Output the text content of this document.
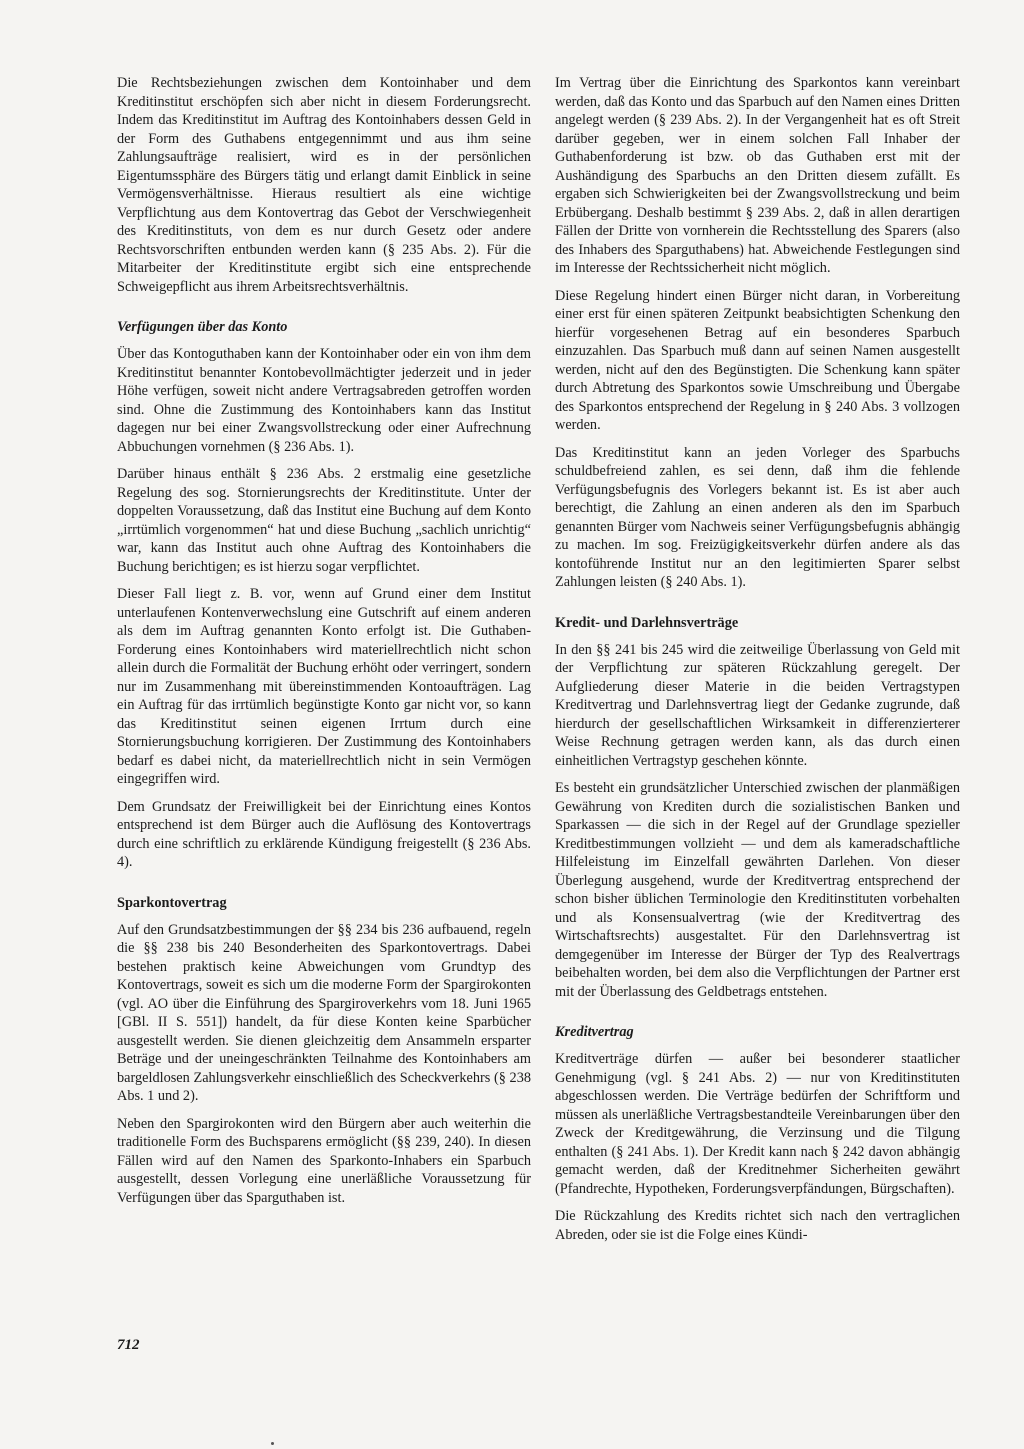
Die Rechtsbeziehungen zwischen dem Kontoinhaber und dem Kreditinstitut erschöpfen sich aber nicht in diesem Forderungsrecht. Indem das Kreditinstitut im Auftrag des Kontoinhabers dessen Geld in der Form des Guthabens entgegennimmt und aus ihm seine Zahlungsaufträge realisiert, wird es in der persönlichen Eigentumssphäre des Bürgers tätig und erlangt damit Einblick in seine Vermögensverhältnisse. Hieraus resultiert als eine wichtige Verpflichtung aus dem Kontovertrag das Gebot der Verschwiegenheit des Kreditinstituts, von dem es nur durch Gesetz oder andere Rechtsvorschriften entbunden werden kann (§ 235 Abs. 2). Für die Mitarbeiter der Kreditinstitute ergibt sich eine entsprechende Schweigepflicht aus ihrem Arbeitsrechtsverhältnis.

Verfügungen über das Konto

Über das Kontoguthaben kann der Kontoinhaber oder ein von ihm dem Kreditinstitut benannter Kontobevollmächtigter jederzeit und in jeder Höhe verfügen, soweit nicht andere Vertragsabreden getroffen worden sind. Ohne die Zustimmung des Kontoinhabers kann das Institut dagegen nur bei einer Zwangsvollstreckung oder einer Aufrechnung Abbuchungen vornehmen (§ 236 Abs. 1).

Darüber hinaus enthält § 236 Abs. 2 erstmalig eine gesetzliche Regelung des sog. Stornierungsrechts der Kreditinstitute. Unter der doppelten Voraussetzung, daß das Institut eine Buchung auf dem Konto „irrtümlich vorgenommen“ hat und diese Buchung „sachlich unrichtig“ war, kann das Institut auch ohne Auftrag des Kontoinhabers die Buchung berichtigen; es ist hierzu sogar verpflichtet.

Dieser Fall liegt z. B. vor, wenn auf Grund einer dem Institut unterlaufenen Kontenverwechslung eine Gutschrift auf einem anderen als dem im Auftrag genannten Konto erfolgt ist. Die Guthaben-Forderung eines Kontoinhabers wird materiellrechtlich nicht schon allein durch die Formalität der Buchung erhöht oder verringert, sondern nur im Zusammenhang mit übereinstimmenden Kontoaufträgen. Lag ein Auftrag für das irrtümlich begünstigte Konto gar nicht vor, so kann das Kreditinstitut seinen eigenen Irrtum durch eine Stornierungsbuchung korrigieren. Der Zustimmung des Kontoinhabers bedarf es dabei nicht, da materiellrechtlich nicht in sein Vermögen eingegriffen wird.

Dem Grundsatz der Freiwilligkeit bei der Einrichtung eines Kontos entsprechend ist dem Bürger auch die Auflösung des Kontovertrags durch eine schriftlich zu erklärende Kündigung freigestellt (§ 236 Abs. 4).

Sparkontovertrag

Auf den Grundsatzbestimmungen der §§ 234 bis 236 aufbauend, regeln die §§ 238 bis 240 Besonderheiten des Sparkontovertrags. Dabei bestehen praktisch keine Abweichungen vom Grundtyp des Kontovertrags, soweit es sich um die moderne Form der Spargirokonten (vgl. AO über die Einführung des Spargiroverkehrs vom 18. Juni 1965 [GBl. II S. 551]) handelt, da für diese Konten keine Sparbücher ausgestellt werden. Sie dienen gleichzeitig dem Ansammeln ersparter Beträge und der uneingeschränkten Teilnahme des Kontoinhabers am bargeldlosen Zahlungsverkehr einschließlich des Scheckverkehrs (§ 238 Abs. 1 und 2).

Neben den Spargirokonten wird den Bürgern aber auch weiterhin die traditionelle Form des Buchsparens ermöglicht (§§ 239, 240). In diesen Fällen wird auf den Namen des Sparkonto-Inhabers ein Sparbuch ausgestellt, dessen Vorlegung eine unerläßliche Voraussetzung für Verfügungen über das Sparguthaben ist.

Im Vertrag über die Einrichtung des Sparkontos kann vereinbart werden, daß das Konto und das Sparbuch auf den Namen eines Dritten angelegt werden (§ 239 Abs. 2). In der Vergangenheit hat es oft Streit darüber gegeben, wer in einem solchen Fall Inhaber der Guthabenforderung ist bzw. ob das Guthaben erst mit der Aushändigung des Sparbuchs an den Dritten diesem zufällt. Es ergaben sich Schwierigkeiten bei der Zwangsvollstreckung und beim Erbübergang. Deshalb bestimmt § 239 Abs. 2, daß in allen derartigen Fällen der Dritte von vornherein die Rechtsstellung des Sparers (also des Inhabers des Sparguthabens) hat. Abweichende Festlegungen sind im Interesse der Rechtssicherheit nicht möglich.

Diese Regelung hindert einen Bürger nicht daran, in Vorbereitung einer erst für einen späteren Zeitpunkt beabsichtigten Schenkung den hierfür vorgesehenen Betrag auf ein besonderes Sparbuch einzuzahlen. Das Sparbuch muß dann auf seinen Namen ausgestellt werden, nicht auf den des Begünstigten. Die Schenkung kann später durch Abtretung des Sparkontos sowie Umschreibung und Übergabe des Sparkontos entsprechend der Regelung in § 240 Abs. 3 vollzogen werden.

Das Kreditinstitut kann an jeden Vorleger des Sparbuchs schuldbefreiend zahlen, es sei denn, daß ihm die fehlende Verfügungsbefugnis des Vorlegers bekannt ist. Es ist aber auch berechtigt, die Zahlung an einen anderen als den im Sparbuch genannten Bürger vom Nachweis seiner Verfügungsbefugnis abhängig zu machen. Im sog. Freizügigkeitsverkehr dürfen andere als das kontoführende Institut nur an den legitimierten Sparer selbst Zahlungen leisten (§ 240 Abs. 1).

Kredit- und Darlehnsverträge

In den §§ 241 bis 245 wird die zeitweilige Überlassung von Geld mit der Verpflichtung zur späteren Rückzahlung geregelt. Der Aufgliederung dieser Materie in die beiden Vertragstypen Kreditvertrag und Darlehnsvertrag liegt der Gedanke zugrunde, daß hierdurch der gesellschaftlichen Wirksamkeit in differenzierterer Weise Rechnung getragen werden kann, als das durch einen einheitlichen Vertragstyp geschehen könnte.

Es besteht ein grundsätzlicher Unterschied zwischen der planmäßigen Gewährung von Krediten durch die sozialistischen Banken und Sparkassen — die sich in der Regel auf der Grundlage spezieller Kreditbestimmungen vollzieht — und dem als kameradschaftliche Hilfeleistung im Einzelfall gewährten Darlehen. Von dieser Überlegung ausgehend, wurde der Kreditvertrag entsprechend der schon bisher üblichen Terminologie den Kreditinstituten vorbehalten und als Konsensualvertrag (wie der Kreditvertrag des Wirtschaftsrechts) ausgestaltet. Für den Darlehnsvertrag ist demgegenüber im Interesse der Bürger der Typ des Realvertrags beibehalten worden, bei dem also die Verpflichtungen der Partner erst mit der Überlassung des Geldbetrags entstehen.

Kreditvertrag

Kreditverträge dürfen — außer bei besonderer staatlicher Genehmigung (vgl. § 241 Abs. 2) — nur von Kreditinstituten abgeschlossen werden. Die Verträge bedürfen der Schriftform und müssen als unerläßliche Vertragsbestandteile Vereinbarungen über den Zweck der Kreditgewährung, die Verzinsung und die Tilgung enthalten (§ 241 Abs. 1). Der Kredit kann nach § 242 davon abhängig gemacht werden, daß der Kreditnehmer Sicherheiten gewährt (Pfandrechte, Hypotheken, Forderungsverpfändungen, Bürgschaften).

Die Rückzahlung des Kredits richtet sich nach den vertraglichen Abreden, oder sie ist die Folge eines Kündi-

712
